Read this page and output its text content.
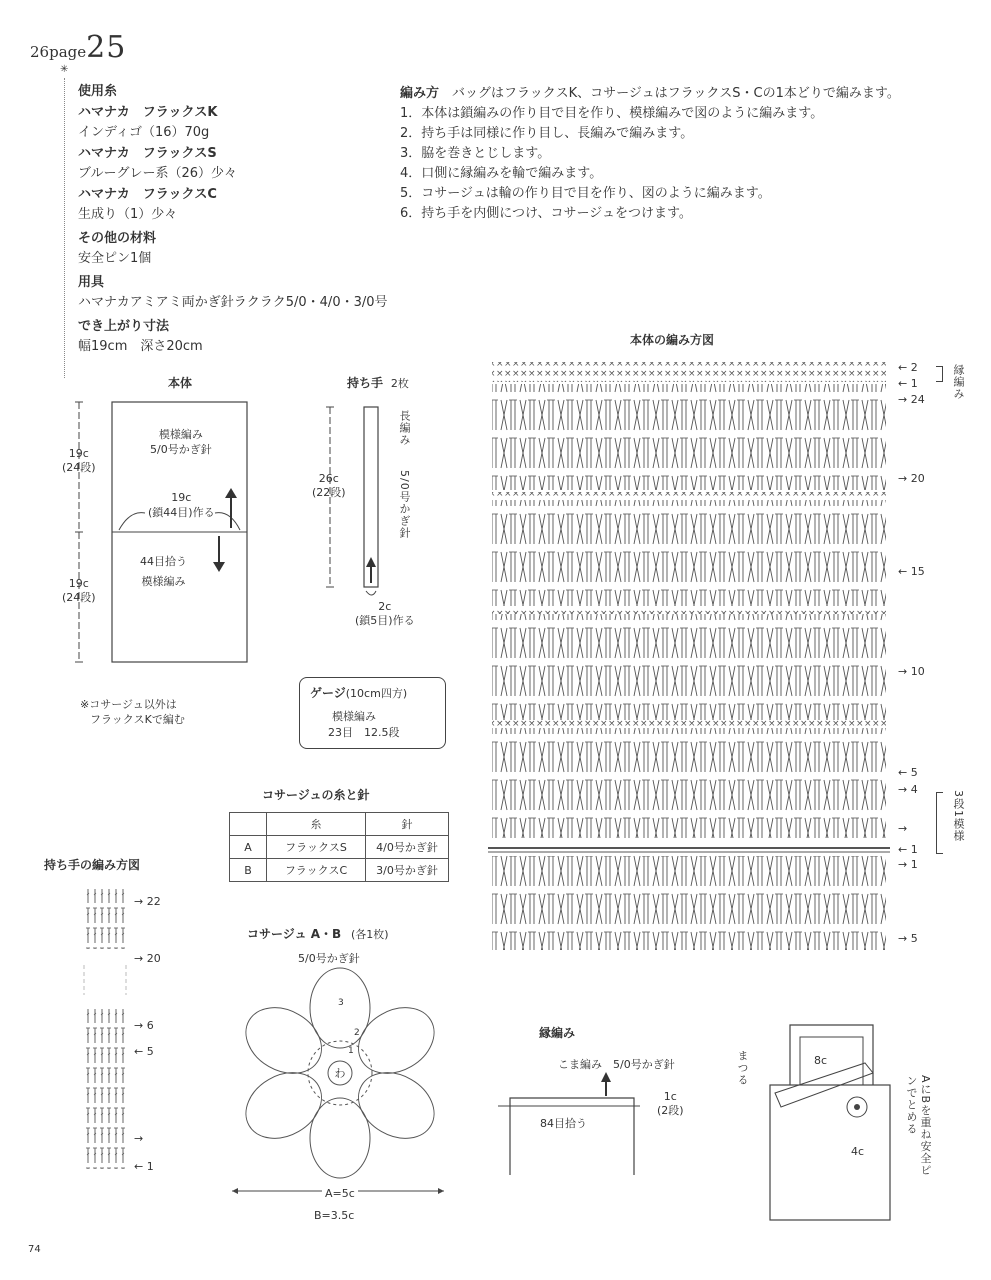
26page25
✳
使用糸
ハマナカ　フラックスK
インディゴ（16）70g
ハマナカ　フラックスS
ブルーグレー系（26）少々
ハマナカ　フラックスC
生成り（1）少々
その他の材料
安全ピン1個
用具
ハマナカアミアミ両かぎ針ラクラク5/0・4/0・3/0号
でき上がり寸法
幅19cm　深さ20cm
編み方　 バッグはフラックスK、コサージュはフラックスS・Cの1本どりで編みます。
1．本体は鎖編みの作り目で目を作り、模様編みで図のように編みます。
2．持ち手は同様に作り目し、長編みで編みます。
3．脇を巻きとじします。
4．口側に縁編みを輪で編みます。
5．コサージュは輪の作り目で目を作り、図のように編みます。
6．持ち手を内側につけ、コサージュをつけます。
本体
19c
(24段)
19c
(24段)
模様編み
5/0号かぎ針
19c
(鎖44目)作る
44目拾う
模様編み
※コサージュ以外は
フラックスKで編む
持ち手 2枚
26c
(22段)
長編み
5/0号かぎ針
2c
(鎖5目)作る
ゲージ(10cm四方)
模様編み
23目　12.5段
コサージュの糸と針
	糸	針
A	フラックスS	4/0号かぎ針
B	フラックスC	3/0号かぎ針
本体の編み方図
← 2
← 1
→ 24
→ 20
← 15
→ 10
← 5
→ 4
→
← 1
→ 1
→ 5
縁編み
3段1模様
持ち手の編み方図
→ 22
→ 20
→ 6
← 5
→
← 1
コサージュ A・B (各1枚)
5/0号かぎ針
わ
3
2
1
A=5c
B=3.5c
縁編み
こま編み　 5/0号かぎ針
84目拾う
1c
(2段)
まつる	8c
4c	AにBを重ね安全ピンでとめる
74
